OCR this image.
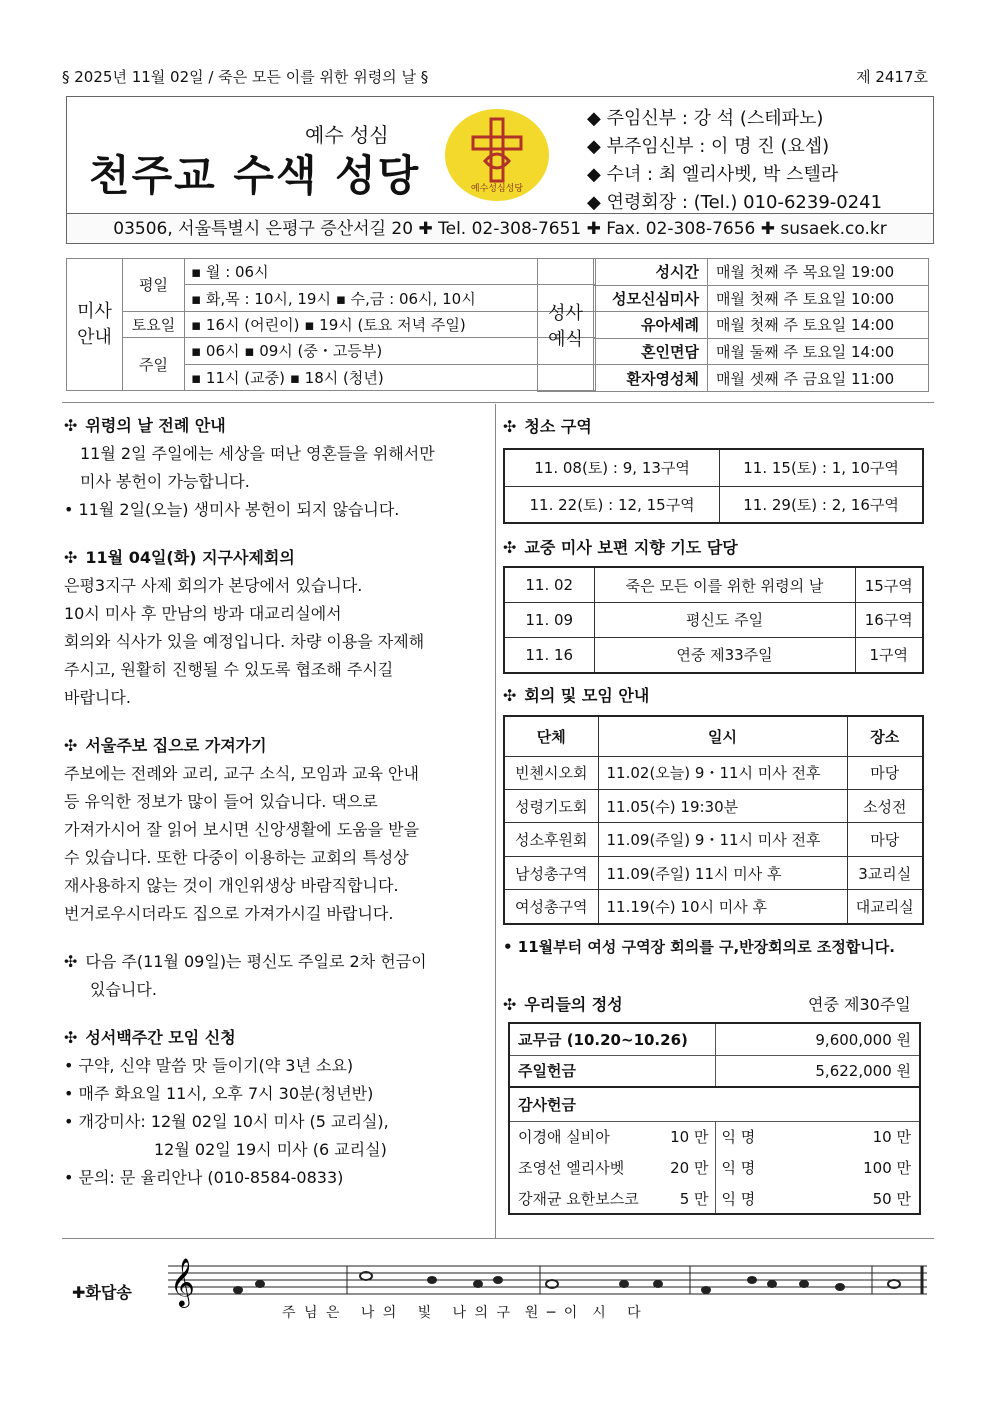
§ 2025년 11월 02일 / 죽은 모든 이를 위한 위령의 날 §	제 2417호
예수 성심
천주교 수색 성당	예수성심성당
◆ 주임신부 : 강 석 (스테파노)
◆ 부주임신부 : 이 명 진 (요셉)
◆ 수녀 : 최 엘리사벳, 박 스텔라
◆ 연령회장 : (Tel.) 010-6239-0241
03506, 서울특별시 은평구 증산서길 20 ✚ Tel. 02-308-7651 ✚ Fax. 02-308-7656 ✚ susaek.co.kr
미사 안내	평일	▪ 월 : 06시
		▪ 화,목 : 10시, 19시 ▪ 수,금 : 06시, 10시
	토요일	▪ 16시 (어린이) ▪ 19시 (토요 저녁 주일)
	주일	▪ 06시 ▪ 09시 (중・고등부)
		▪ 11시 (교중) ▪ 18시 (청년)
성사 예식	성시간	매월 첫째 주 목요일 19:00
	성모신심미사	매월 첫째 주 토요일 10:00
	유아세례	매월 첫째 주 토요일 14:00
	혼인면담	매월 둘째 주 토요일 14:00
	환자영성체	매월 셋째 주 금요일 11:00
✣ 위령의 날 전례 안내
11월 2일 주일에는 세상을 떠난 영혼들을 위해서만
미사 봉헌이 가능합니다.
• 11월 2일(오늘) 생미사 봉헌이 되지 않습니다.
✣ 11월 04일(화) 지구사제회의
은평3지구 사제 회의가 본당에서 있습니다.
10시 미사 후 만남의 방과 대교리실에서
회의와 식사가 있을 예정입니다. 차량 이용을 자제해
주시고, 원활히 진행될 수 있도록 협조해 주시길
바랍니다.
✣ 서울주보 집으로 가져가기
주보에는 전례와 교리, 교구 소식, 모임과 교육 안내
등 유익한 정보가 많이 들어 있습니다. 댁으로
가져가시어 잘 읽어 보시면 신앙생활에 도움을 받을
수 있습니다. 또한 다중이 이용하는 교회의 특성상
재사용하지 않는 것이 개인위생상 바람직합니다.
번거로우시더라도 집으로 가져가시길 바랍니다.
✣ 다음 주(11월 09일)는 평신도 주일로 2차 헌금이
있습니다.
✣ 성서백주간 모임 신청
• 구약, 신약 말씀 맛 들이기(약 3년 소요)
• 매주 화요일 11시, 오후 7시 30분(청년반)
• 개강미사: 12월 02일 10시 미사 (5 교리실),
12월 02일 19시 미사 (6 교리실)
• 문의: 문 율리안나 (010-8584-0833)
✣ 청소 구역
11. 08(토) : 9, 13구역	11. 15(토) : 1, 10구역
11. 22(토) : 12, 15구역	11. 29(토) : 2, 16구역
✣ 교중 미사 보편 지향 기도 담당
11. 02	죽은 모든 이를 위한 위령의 날	15구역
11. 09	평신도 주일	16구역
11. 16	연중 제33주일	1구역
✣ 회의 및 모임 안내
단체	일시	장소
빈첸시오회	11.02(오늘) 9・11시 미사 전후	마당
성령기도회	11.05(수) 19:30분	소성전
성소후원회	11.09(주일) 9・11시 미사 전후	마당
남성총구역	11.09(주일) 11시 미사 후	3교리실
여성총구역	11.19(수) 10시 미사 후	대교리실
• 11월부터 여성 구역장 회의를 구,반장회의로 조정합니다.
✣ 우리들의 정성	연중 제30주일
교무금 (10.20~10.26)		9,600,000 원	
주일헌금		5,622,000 원	
감사헌금			
이경애 실비아	10 만	익 명	10 만
조영선 엘리사벳	20 만	익 명	100 만
강재균 요한보스코	5 만	익 명	50 만
✚화답송 𝄞
주 님 은   나 의   빛   나 의 구  원 ─ 이  시   다
